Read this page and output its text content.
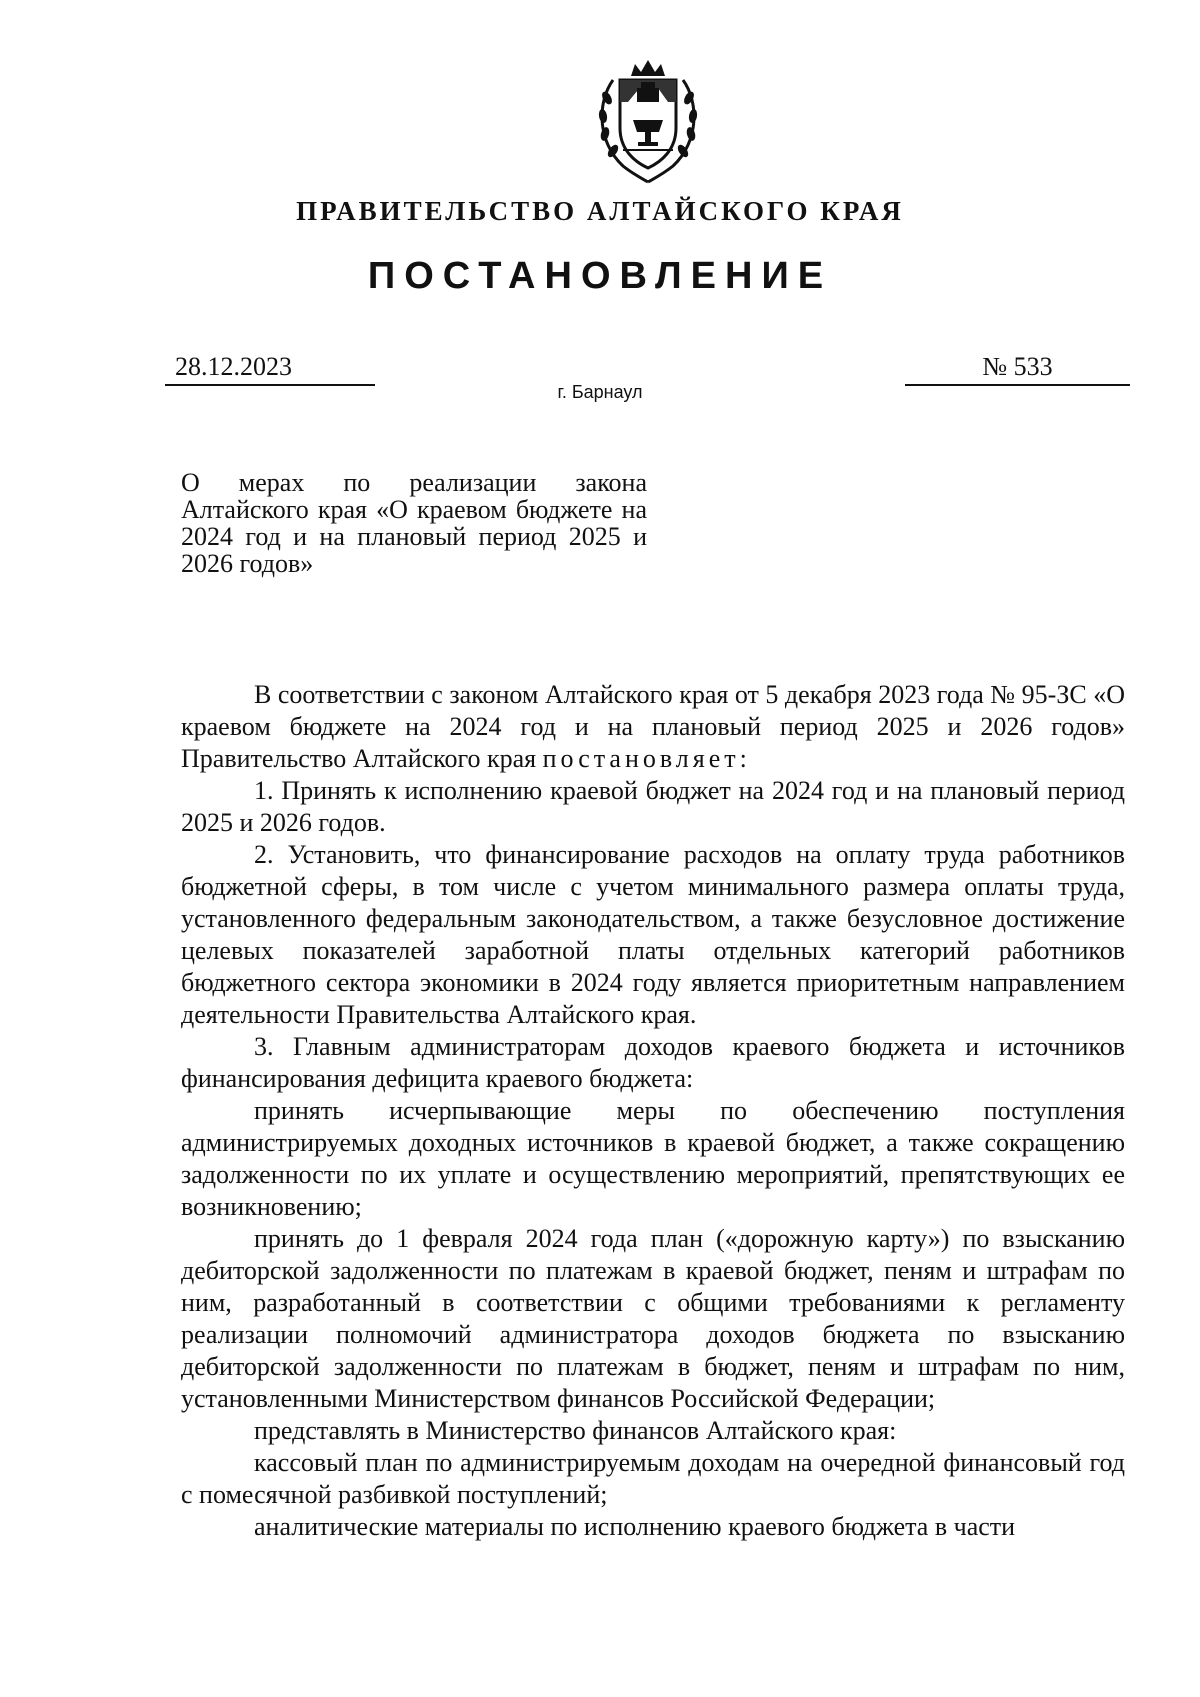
ПРАВИТЕЛЬСТВО АЛТАЙСКОГО КРАЯ
ПОСТАНОВЛЕНИЕ
28.12.2023	№ 533
г. Барнаул
О мерах по реализации закона Алтайского края «О краевом бюджете на 2024 год и на плановый период 2025 и 2026 годов»

В соответствии с законом Алтайского края от 5 декабря 2023 года № 95-ЗС «О краевом бюджете на 2024 год и на плановый период 2025 и 2026 годов» Правительство Алтайского края постановляет:

1. Принять к исполнению краевой бюджет на 2024 год и на плановый период 2025 и 2026 годов.

2. Установить, что финансирование расходов на оплату труда работников бюджетной сферы, в том числе с учетом минимального размера оплаты труда, установленного федеральным законодательством, а также безусловное достижение целевых показателей заработной платы отдельных категорий работников бюджетного сектора экономики в 2024 году является приоритетным направлением деятельности Правительства Алтайского края.

3. Главным администраторам доходов краевого бюджета и источников финансирования дефицита краевого бюджета:

принять исчерпывающие меры по обеспечению поступления администрируемых доходных источников в краевой бюджет, а также сокращению задолженности по их уплате и осуществлению мероприятий, препятствующих ее возникновению;

принять до 1 февраля 2024 года план («дорожную карту») по взысканию дебиторской задолженности по платежам в краевой бюджет, пеням и штрафам по ним, разработанный в соответствии с общими требованиями к регламенту реализации полномочий администратора доходов бюджета по взысканию дебиторской задолженности по платежам в бюджет, пеням и штрафам по ним, установленными Министерством финансов Российской Федерации;

представлять в Министерство финансов Алтайского края:

кассовый план по администрируемым доходам на очередной финансовый год с помесячной разбивкой поступлений;

аналитические материалы по исполнению краевого бюджета в части
